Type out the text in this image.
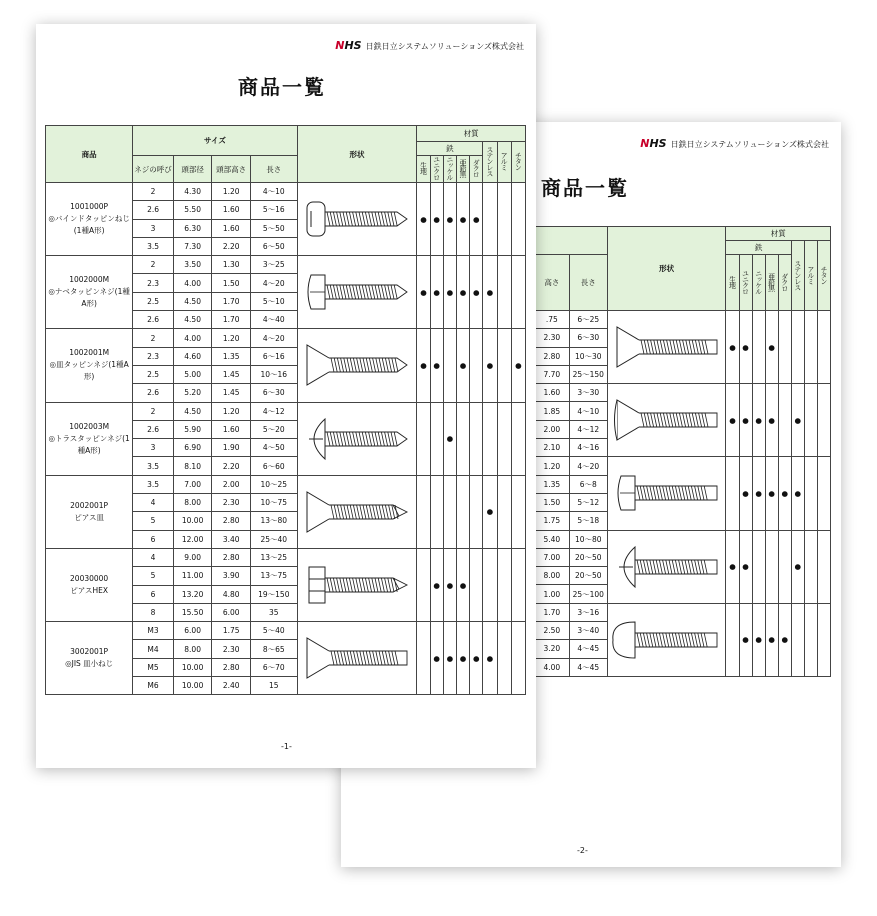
NHS 日鉄日立システムソリューションズ株式会社
商品一覧
		形状	材質							
			鉄					ステンレス	アルミ	チタン
高さ	長さ		生地	ユニクロ	ニッケル	亜鉛黒	ダクロ			
.75	6〜25		●	●		●				
2.30	6〜30									
2.80	10〜30									
7.70	25〜150									
1.60	3〜30		●	●	●	●		●		
1.85	4〜10									
2.00	4〜12									
2.10	4〜16									
1.20	4〜20			●	●	●	●	●		
1.35	6〜8									
1.50	5〜12									
1.75	5〜18									
5.40	10〜80		●	●				●		
7.00	20〜50									
8.00	20〜50									
1.00	25〜100									
1.70	3〜16			●	●	●	●			
2.50	3〜40									
3.20	4〜45									
4.00	4〜45									
-2-
NHS 日鉄日立システムソリューションズ株式会社
商品一覧
商品	サイズ				形状	材質							
						鉄					ステンレス	アルミ	チタン
	ネジの呼び	頭部径	頭部高さ	長さ		生地	ユニクロ	ニッケル	亜鉛黒	ダクロ			

1001000P
◎バインドタッピンねじ(1種A形)	2	4.30	1.20	4〜10		●	●	●	●	●			
	2.6	5.50	1.60	5〜16									
	3	6.30	1.60	5〜50									
	3.5	7.30	2.20	6〜50									

1002000M
◎ナベタッピンネジ(1種A形)	2	3.50	1.30	3〜25		●	●	●	●	●	●		
	2.3	4.00	1.50	4〜20									
	2.5	4.50	1.70	5〜10									
	2.6	4.50	1.70	4〜40									

1002001M
◎皿タッピンネジ(1種A形)	2	4.00	1.20	4〜20		●	●		●		●		●
	2.3	4.60	1.35	6〜16									
	2.5	5.00	1.45	10〜16									
	2.6	5.20	1.45	6〜30									

1002003M
◎トラスタッピンネジ(1種A形)	2	4.50	1.20	4〜12				●					
	2.6	5.90	1.60	5〜20									
	3	6.90	1.90	4〜50									
	3.5	8.10	2.20	6〜60									

2002001P
ピアス皿	3.5	7.00	2.00	10〜25							●		
	4	8.00	2.30	10〜75									
	5	10.00	2.80	13〜80									
	6	12.00	3.40	25〜40									

20030000
ピアスHEX	4	9.00	2.80	13〜25			●	●	●				
	5	11.00	3.90	13〜75									
	6	13.20	4.80	19〜150									
	8	15.50	6.00	35									

3002001P
◎JIS 皿小ねじ	M3	6.00	1.75	5〜40			●	●	●	●	●		
	M4	8.00	2.30	8〜65									
	M5	10.00	2.80	6〜70									
	M6	10.00	2.40	15									
-1-
